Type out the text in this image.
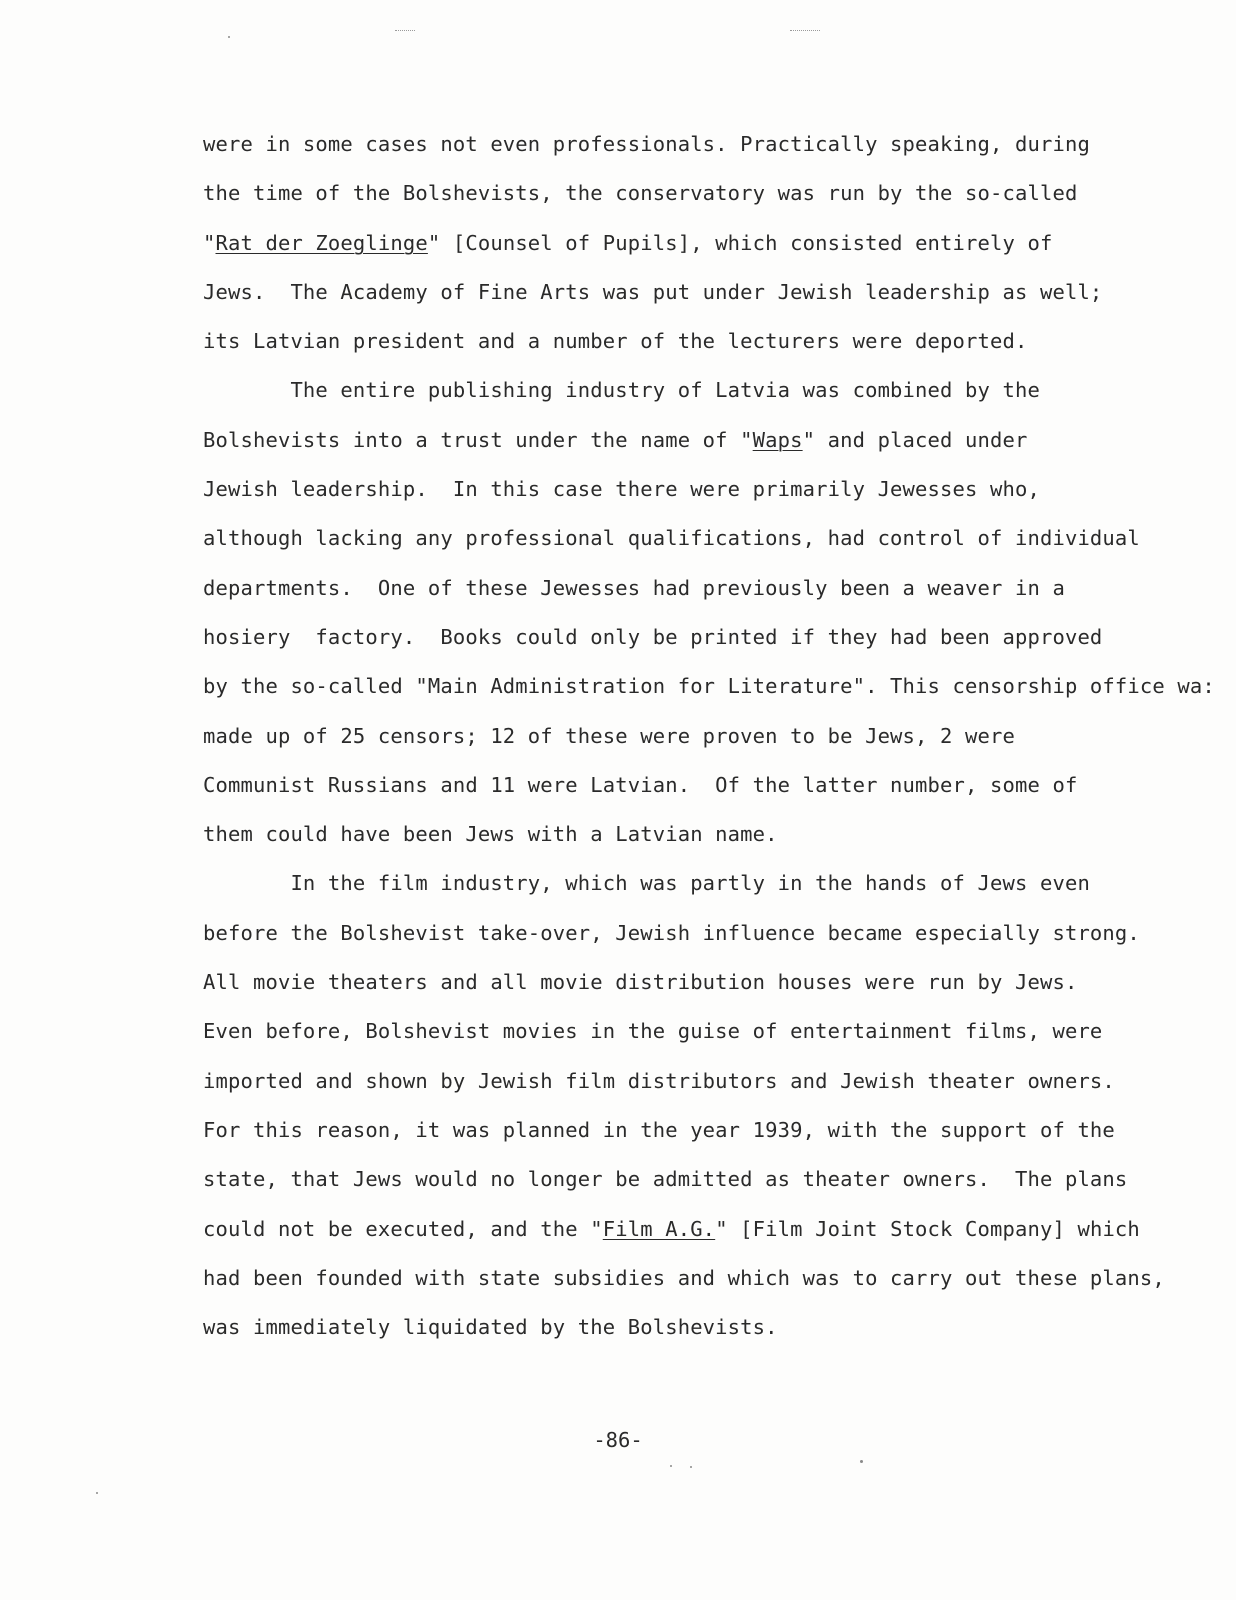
were in some cases not even professionals. Practically speaking, during
the time of the Bolshevists, the conservatory was run by the so-called
"Rat der Zoeglinge" [Counsel of Pupils], which consisted entirely of
Jews.  The Academy of Fine Arts was put under Jewish leadership as well;
its Latvian president and a number of the lecturers were deported.
The entire publishing industry of Latvia was combined by the
Bolshevists into a trust under the name of "Waps" and placed under
Jewish leadership.  In this case there were primarily Jewesses who,
although lacking any professional qualifications, had control of individual
departments.  One of these Jewesses had previously been a weaver in a
hosiery  factory.  Books could only be printed if they had been approved
by the so-called "Main Administration for Literature". This censorship office wa:
made up of 25 censors; 12 of these were proven to be Jews, 2 were
Communist Russians and 11 were Latvian.  Of the latter number, some of
them could have been Jews with a Latvian name.
In the film industry, which was partly in the hands of Jews even
before the Bolshevist take-over, Jewish influence became especially strong.
All movie theaters and all movie distribution houses were run by Jews.
Even before, Bolshevist movies in the guise of entertainment films, were
imported and shown by Jewish film distributors and Jewish theater owners.
For this reason, it was planned in the year 1939, with the support of the
state, that Jews would no longer be admitted as theater owners.  The plans
could not be executed, and the "Film A.G." [Film Joint Stock Company] which
had been founded with state subsidies and which was to carry out these plans,
was immediately liquidated by the Bolshevists.
-86-
